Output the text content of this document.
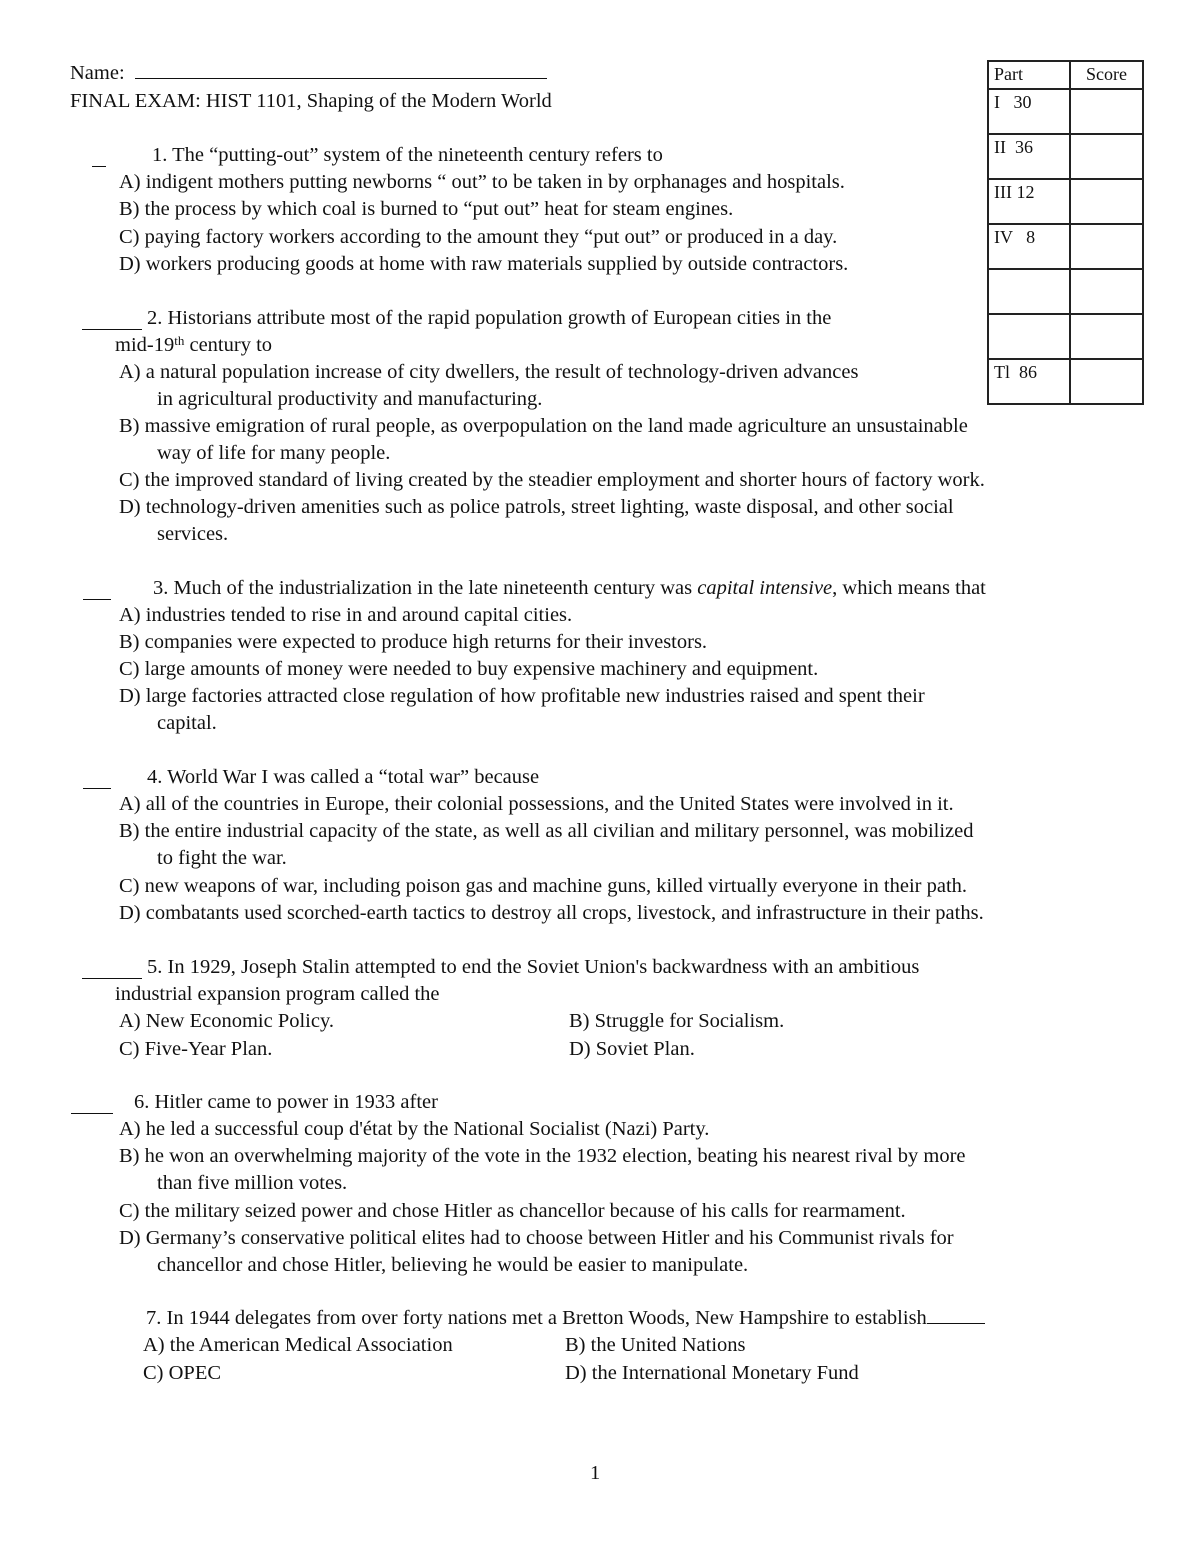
Name:
FINAL EXAM: HIST 1101, Shaping of the Modern World
Part	Score
I   30	
II  36	
III 12	
IV   8	

Tl  86	
1. The “putting-out” system of the nineteenth century refers to
A) indigent mothers putting newborns “ out” to be taken in by orphanages and hospitals.
B) the process by which coal is burned to “put out” heat for steam engines.
C) paying factory workers according to the amount they “put out” or produced in a day.
D) workers producing goods at home with raw materials supplied by outside contractors.
2. Historians attribute most of the rapid population growth of European cities in the
mid-19th century to
A) a natural population increase of city dwellers, the result of technology-driven advances
in agricultural productivity and manufacturing.
B) massive emigration of rural people, as overpopulation on the land made agriculture an unsustainable
way of life for many people.
C) the improved standard of living created by the steadier employment and shorter hours of factory work.
D) technology-driven amenities such as police patrols, street lighting, waste disposal, and other social
services.
3. Much of the industrialization in the late nineteenth century was capital intensive, which means that
A) industries tended to rise in and around capital cities.
B) companies were expected to produce high returns for their investors.
C) large amounts of money were needed to buy expensive machinery and equipment.
D) large factories attracted close regulation of how profitable new industries raised and spent their
capital.
4. World War I was called a “total war” because
A) all of the countries in Europe, their colonial possessions, and the United States were involved in it.
B) the entire industrial capacity of the state, as well as all civilian and military personnel, was mobilized
to fight the war.
C) new weapons of war, including poison gas and machine guns, killed virtually everyone in their path.
D) combatants used scorched-earth tactics to destroy all crops, livestock, and infrastructure in their paths.
5. In 1929, Joseph Stalin attempted to end the Soviet Union's backwardness with an ambitious
industrial expansion program called the
A) New Economic Policy.	B) Struggle for Socialism.
C) Five-Year Plan.	D) Soviet Plan.
6. Hitler came to power in 1933 after
A) he led a successful coup d'état by the National Socialist (Nazi) Party.
B) he won an overwhelming majority of the vote in the 1932 election, beating his nearest rival by more
than five million votes.
C) the military seized power and chose Hitler as chancellor because of his calls for rearmament.
D) Germany’s conservative political elites had to choose between Hitler and his Communist rivals for
chancellor and chose Hitler, believing he would be easier to manipulate.
7. In 1944 delegates from over forty nations met a Bretton Woods, New Hampshire to establish
A) the American Medical Association	B) the United Nations
C) OPEC	D) the International Monetary Fund
1
